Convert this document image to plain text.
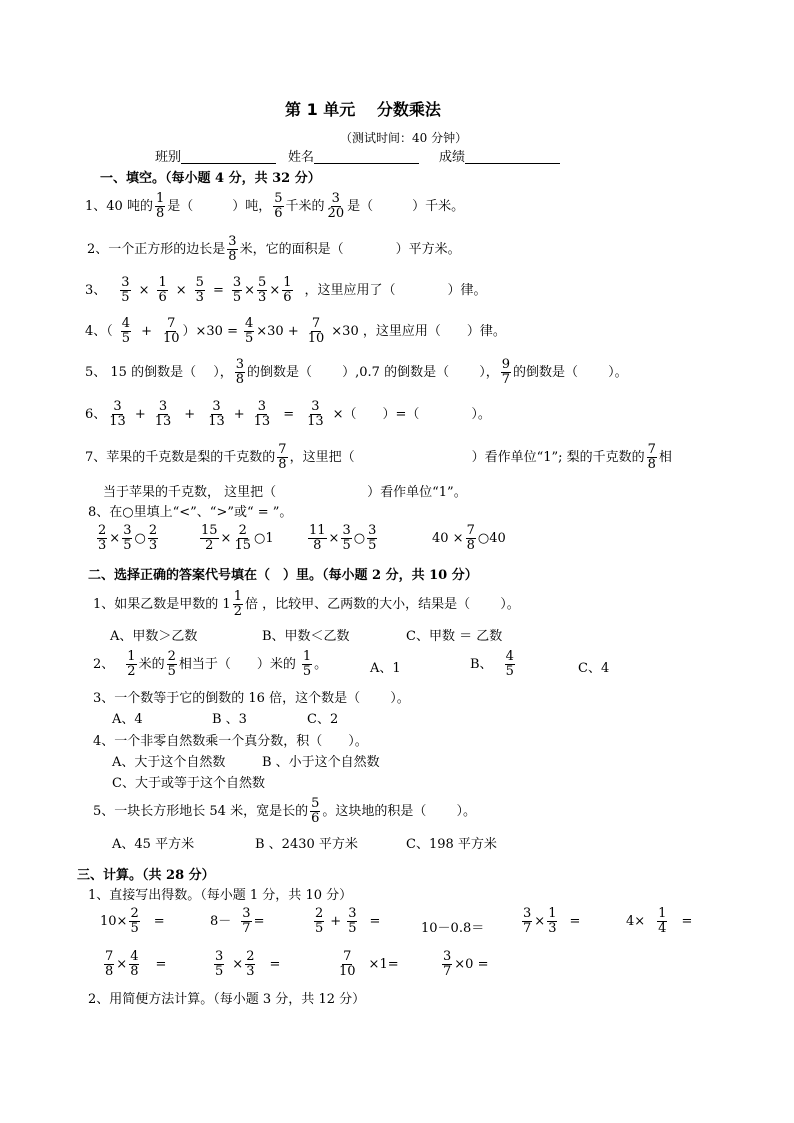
第 1 单元　 分数乘法
（测试时间：40 分钟）
班别	姓名	成绩
一、填空。（每小题 4 分，共 32 分）
1、40 吨的 $\frac{1}{8}$ 是（　　　）吨， $\frac{5}{6}$ 千米的 $\frac{3}{20}$ 是（　　　）千米。
2、一个正方形的边长是 $\frac{3}{8}$ 米，它的面积是（　　　　）平方米。
3、 $\frac{3}{5} \times \frac{1}{6} \times \frac{5}{3} = \frac{3}{5} \times \frac{5}{3} \times \frac{1}{6}$ ，这里应用了（　　　　）律。
4、（ $\frac{4}{5} + \frac{7}{10} )\times 30 = \frac{4}{5} \times 30 + \frac{7}{10} \times 30$ ，这里应用（　　）律。
5、 15 的倒数是（　 ）， $\frac{3}{8}$ 的倒数是（　　 ）,0.7 的倒数是（　　 ）， $\frac{9}{7}$ 的倒数是（　　 ）。
6、 $\frac{3}{13} + \frac{3}{13} + \frac{3}{13} + \frac{3}{13} = \frac{3}{13}$ ×（　　）=（　　　　）。
7、苹果的千克数是梨的千克数的 $\frac{7}{8}$ ，这里把（　　　　　　　　　）看作单位“1”; 梨的千克数的 $\frac{7}{8}$ 相
当于苹果的千克数， 这里把（　　　　　　　）看作单位“1”。
8、在○里填上“<”、“>”或“ = ”。
$\frac{2}{3} \times \frac{3}{5}$ ○ $\frac{2}{3}$	$\frac{15}{2} \times \frac{2}{15}$ ○1	$\frac{11}{8} \times \frac{3}{5}$ ○ $\frac{3}{5}$	$40 \times \frac{7}{8}$ ○40
二、选择正确的答案代号填在（　）里。（每小题 2 分，共 10 分）
1、如果乙数是甲数的 $1 \frac{1}{2}$ 倍 ，比较甲、乙两数的大小，结果是（　　 ）。
A、甲数＞乙数	B、甲数＜乙数	C、甲数 ＝ 乙数
2、 $\frac{1}{2}$ 米的 $\frac{2}{5}$ 相当于（　　）米的 $\frac{1}{5}$ 。	A、1	B、 $\frac{4}{5}$	C、4
3、一个数等于它的倒数的 16 倍，这个数是（　　 ）。
A、4	B 、3	C、2
4、一个非零自然数乘一个真分数，积（　　）。
A、大于这个自然数	B 、小于这个自然数
C、大于或等于这个自然数
5、一块长方形地长 54 米，宽是长的 $\frac{5}{6}$ 。这块地的积是（　　 ）。
A、45 平方米	B 、2430 平方米	C、198 平方米
三、计算。（共 28 分）
1、直接写出得数。（每小题 1 分，共 10 分）
$10\times \frac{2}{5}$ =	$8- \frac{3}{7}$ =	$\frac{2}{5} + \frac{3}{5}$ =	10－0.8＝	$\frac{3}{7} \times \frac{1}{3}$ =	$4\times \frac{1}{4}$ =
$\frac{7}{8} \times \frac{4}{8}$ =	$\frac{3}{5} \times \frac{2}{3}$ =	$\frac{7}{10} \times 1=$	$\frac{3}{7} \times 0$ =
2、用简便方法计算。（每小题 3 分，共 12 分）
